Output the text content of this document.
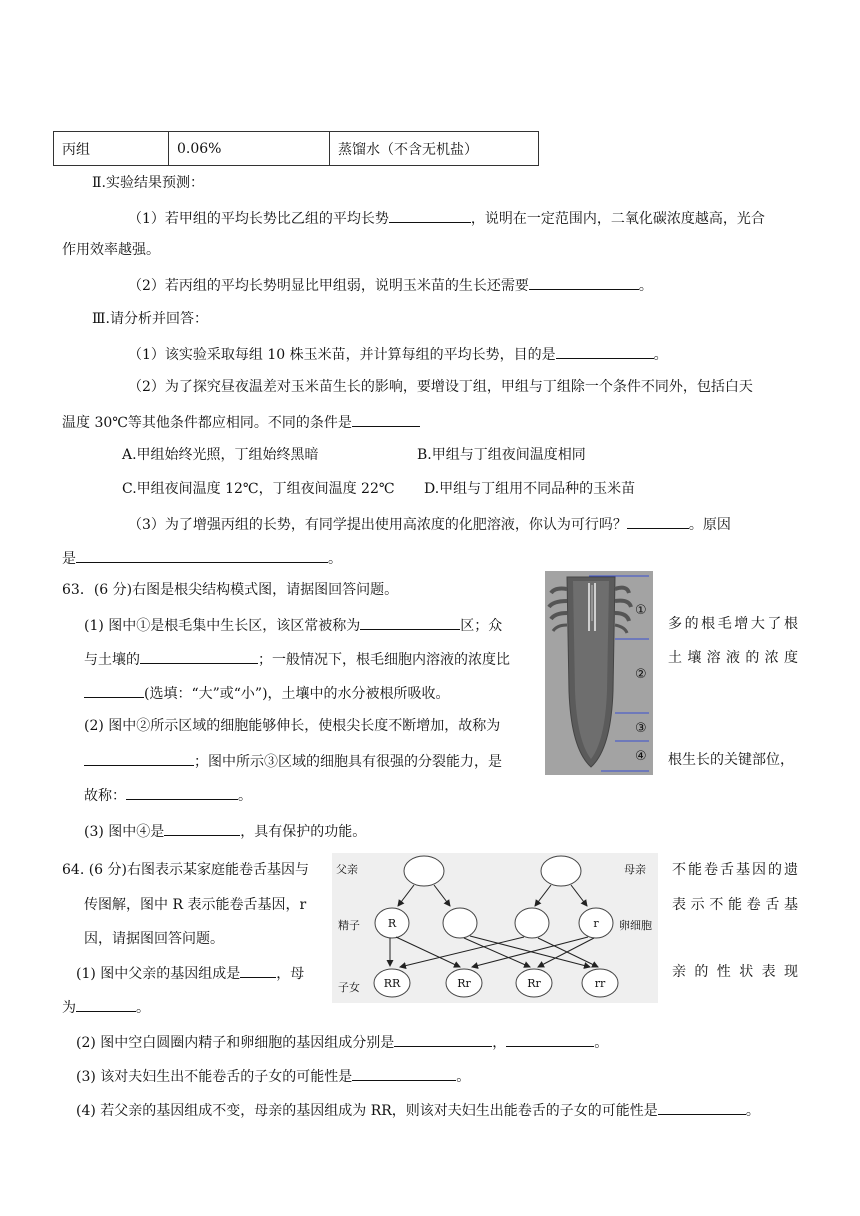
丙组	0.06%	蒸馏水（不含无机盐）
Ⅱ.实验结果预测：
（1）若甲组的平均长势比乙组的平均长势	，说明在一定范围内，二氧化碳浓度越高，光合
作用效率越强。
（2）若丙组的平均长势明显比甲组弱，说明玉米苗的生长还需要	。
Ⅲ.请分析并回答：
（1）该实验采取每组 10 株玉米苗，并计算每组的平均长势，目的是	。
（2）为了探究昼夜温差对玉米苗生长的影响，要增设丁组，甲组与丁组除一个条件不同外，包括白天
温度 30℃等其他条件都应相同。不同的条件是
A.甲组始终光照，丁组始终黑暗	B.甲组与丁组夜间温度相同
C.甲组夜间温度 12℃，丁组夜间温度 22℃ D.甲组与丁组用不同品种的玉米苗
（3）为了增强丙组的长势，有同学提出使用高浓度的化肥溶液，你认为可行吗？	。原因
是	。
63．(6 分)右图是根尖结构模式图，请据图回答问题。
(1) 图中①是根毛集中生长区，该区常被称为	区；众	多的根毛增大了根
与土壤的	；一般情况下，根毛细胞内溶液的浓度比	土壤溶液的浓度
(选填：“大”或“小”)，土壤中的水分被根所吸收。
(2) 图中②所示区域的细胞能够伸长，使根尖长度不断增加，故称为
；图中所示③区域的细胞具有很强的分裂能力，是	根生长的关键部位，
故称：	。
(3) 图中④是	，具有保护的功能。
①
②
③
④
64. (6 分)右图表示某家庭能卷舌基因与	不能卷舌基因的遗
传图解，图中 R 表示能卷舌基因，r	表示不能卷舌基
因，请据图回答问题。
(1) 图中父亲的基因组成是	，母	亲的性状表现
为	。
(2) 图中空白圆圈内精子和卵细胞的基因组成分别是	，	。
(3) 该对夫妇生出不能卷舌的子女的可能性是	。
(4) 若父亲的基因组成不变，母亲的基因组成为 RR，则该对夫妇生出能卷舌的子女的可能性是	。
父亲	母亲
精子	卵细胞
子女
R	r
RR	Rr	Rr	rr
